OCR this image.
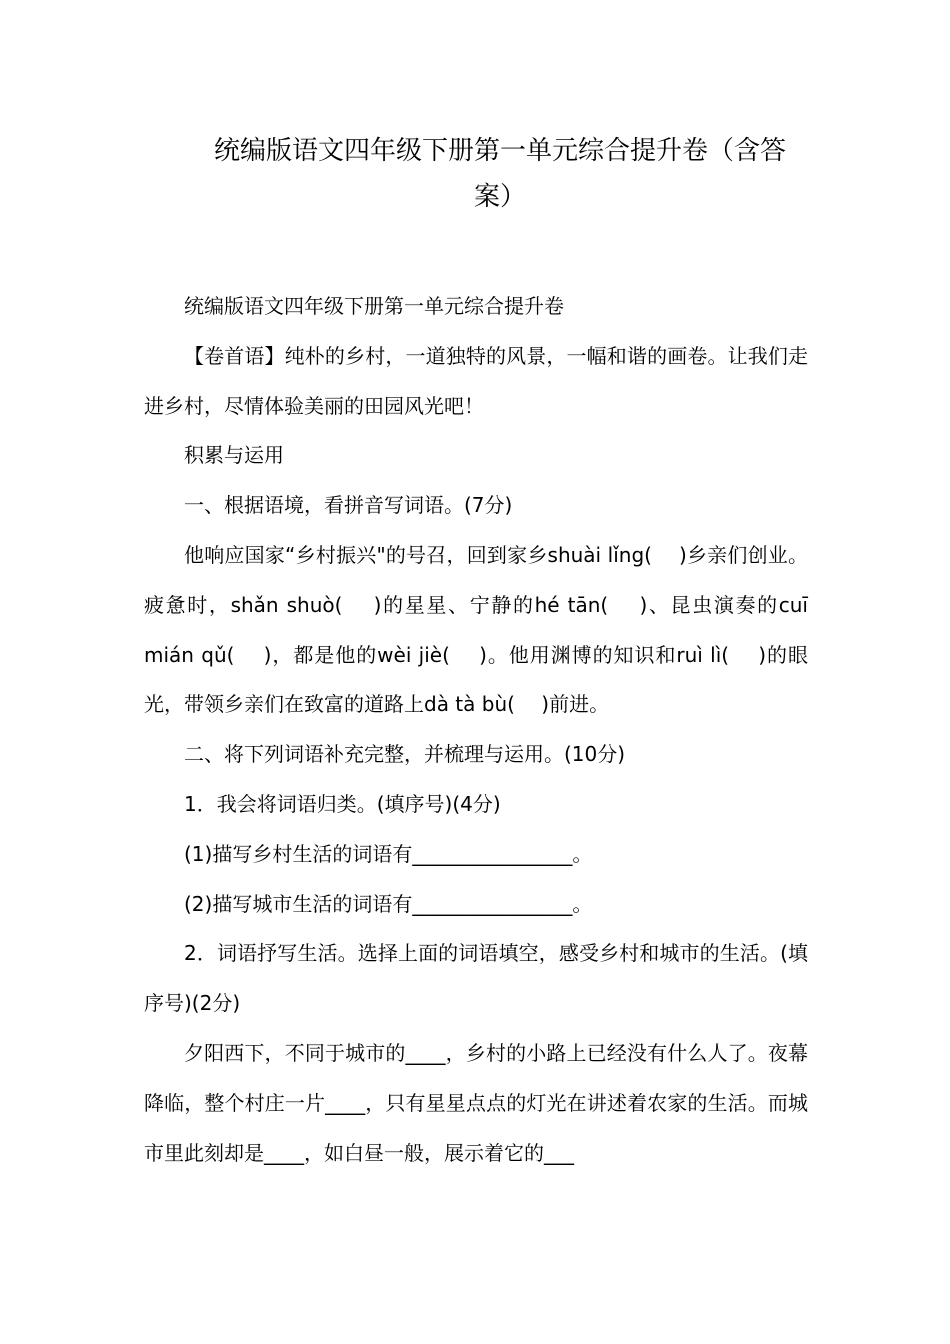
统编版语文四年级下册第一单元综合提升卷（含答
案）

统编版语文四年级下册第一单元综合提升卷

【卷首语】纯朴的乡村，一道独特的风景，一幅和谐的画卷。让我们走进乡村，尽情体验美丽的田园风光吧！

积累与运用

一、根据语境，看拼音写词语。(7分)

他响应国家“乡村振兴"的号召，回到家乡shuài lǐng(　 )乡亲们创业。疲惫时，shǎn shuò(　 )的星星、宁静的hé tān(　 )、昆虫演奏的cuī mián qǔ(　 )，都是他的wèi jiè(　 )。他用渊博的知识和ruì lì(　 )的眼光，带领乡亲们在致富的道路上dà tà bù(　 )前进。

二、将下列词语补充完整，并梳理与运用。(10分)

1．我会将词语归类。(填序号)(4分)

(1)描写乡村生活的词语有________________。

(2)描写城市生活的词语有________________。

2．词语抒写生活。选择上面的词语填空，感受乡村和城市的生活。(填序号)(2分)

夕阳西下，不同于城市的____，乡村的小路上已经没有什么人了。夜幕降临，整个村庄一片____，只有星星点点的灯光在讲述着农家的生活。而城市里此刻却是____，如白昼一般，展示着它的___
